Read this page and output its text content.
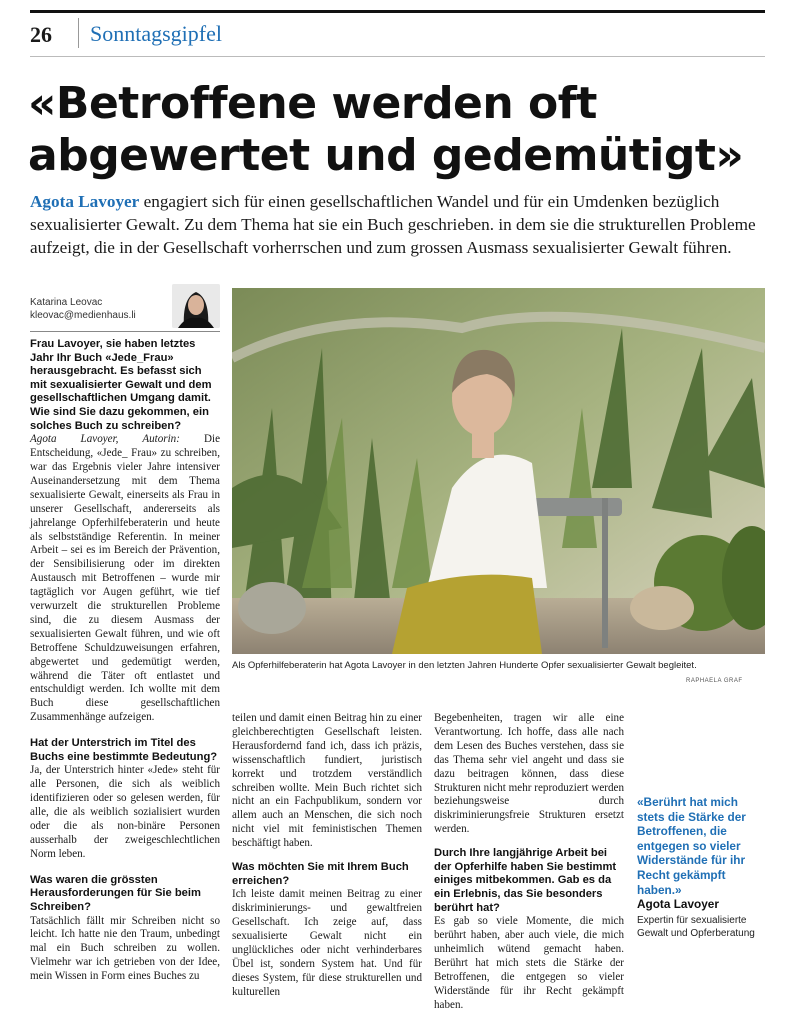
26 Sonntagsgipfel
«Betroffene werden oft abgewertet und gedemütigt»

Agota Lavoyer engagiert sich für einen gesellschaftlichen Wandel und für ein Umdenken bezüglich sexualisierter Gewalt. Zu dem Thema hat sie ein Buch geschrieben. in dem sie die strukturellen Probleme aufzeigt, die in der Gesellschaft vorherrschen und zum grossen Ausmass sexualisierter Gewalt führen.

Katarina Leovac
kleovac@medienhaus.li
Als Opferhilfeberaterin hat Agota Lavoyer in den letzten Jahren Hunderte Opfer sexualisierter Gewalt begleitet.
RAPHAELA GRAF

Frau Lavoyer, sie haben letztes Jahr Ihr Buch «Jede_Frau» herausgebracht. Es befasst sich mit sexualisierter Gewalt und dem gesellschaftlichen Umgang damit. Wie sind Sie dazu gekommen, ein solches Buch zu schreiben?

Agota Lavoyer, Autorin: Die Entscheidung, «Jede_ Frau» zu schreiben, war das Ergebnis vieler Jahre intensiver Auseinandersetzung mit dem Thema sexualisierte Gewalt, einerseits als Frau in unserer Gesellschaft, andererseits als jahrelange Opferhilfeberaterin und heute als selbstständige Referentin. In meiner Arbeit – sei es im Bereich der Prävention, der Sensibilisierung oder im direkten Austausch mit Betroffenen – wurde mir tagtäglich vor Augen geführt, wie tief verwurzelt die strukturellen Probleme sind, die zu diesem Ausmass der sexualisierten Gewalt führen, und wie oft Betroffene Schuldzuweisungen erfahren, abgewertet und gedemütigt werden, während die Täter oft entlastet und entschuldigt werden. Ich wollte mit dem Buch diese gesellschaftlichen Zusammenhänge aufzeigen.

Hat der Unterstrich im Titel des Buchs eine bestimmte Bedeutung?

Ja, der Unterstrich hinter «Jede» steht für alle Personen, die sich als weiblich identifizieren oder so gelesen werden, für alle, die als weiblich sozialisiert wurden oder die als non-binäre Personen ausserhalb der zweigeschlechtlichen Norm leben.

Was waren die grössten Herausforderungen für Sie beim Schreiben?

Tatsächlich fällt mir Schreiben nicht so leicht. Ich hatte nie den Traum, unbedingt mal ein Buch schreiben zu wollen. Vielmehr war ich getrieben von der Idee, mein Wissen in Form eines Buches zu

teilen und damit einen Beitrag hin zu einer gleichberechtigten Gesellschaft leisten. Herausfordernd fand ich, dass ich präzis, wissenschaftlich fundiert, juristisch korrekt und trotzdem verständlich schreiben wollte. Mein Buch richtet sich nicht an ein Fachpublikum, sondern vor allem auch an Menschen, die sich noch nicht viel mit feministischen Themen beschäftigt haben.

Was möchten Sie mit Ihrem Buch erreichen?

Ich leiste damit meinen Beitrag zu einer diskriminierungs- und gewaltfreien Gesellschaft. Ich zeige auf, dass sexualisierte Gewalt nicht ein unglückliches oder nicht verhinderbares Übel ist, sondern System hat. Und für dieses System, für diese strukturellen und kulturellen

Begebenheiten, tragen wir alle eine Verantwortung. Ich hoffe, dass alle nach dem Lesen des Buches verstehen, dass sie das Thema sehr viel angeht und dass sie dazu beitragen können, dass diese Strukturen nicht mehr reproduziert werden beziehungsweise durch diskriminierungsfreie Strukturen ersetzt werden.

Durch Ihre langjährige Arbeit bei der Opferhilfe haben Sie bestimmt einiges mitbekommen. Gab es da ein Erlebnis, das Sie besonders berührt hat?

Es gab so viele Momente, die mich berührt haben, aber auch viele, die mich unheimlich wütend gemacht haben. Berührt hat mich stets die Stärke der Betroffenen, die entgegen so vieler Widerstände für ihr Recht gekämpft haben.

«Berührt hat mich stets die Stärke der Betroffenen, die entgegen so vieler Widerstände für ihr Recht gekämpft haben.»

Agota Lavoyer

Expertin für sexualisierte Gewalt und Opferberatung
